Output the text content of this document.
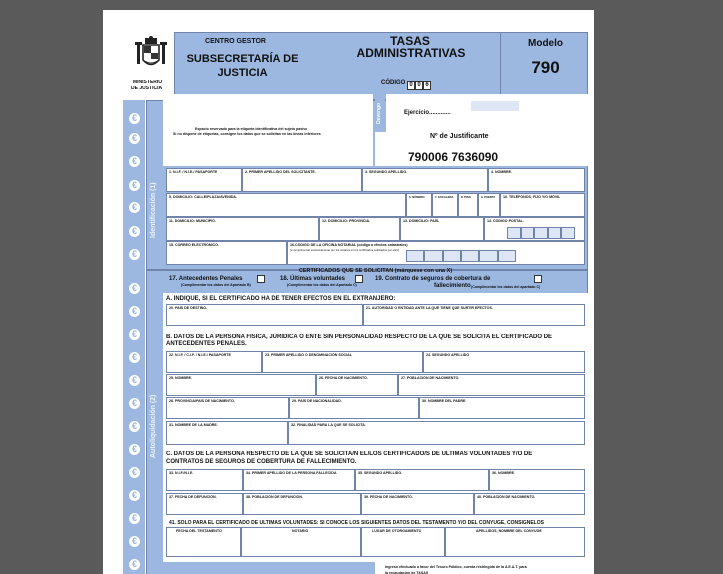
MINISTERIO
DE JUSTICIA
CENTRO GESTOR
SUBSECRETARÍA DE JUSTICIA
TASAS
ADMINISTRATIVAS
CÓDIGO 0 0 6
Modelo
790
€
€
€
€
€
€
€
€
€
€
€
€
€
€
€
€
€
€
€
€
Identificación (1)
Espacio reservado para la etiqueta identificativa del sujeto pasivo
Si no dispone de etiquetas, consigne los datos que se solicitan en las líneas inferiores
Devengo	Ejercicio.............
Nº de Justificante
790006 7636090
1. N.I.F. / N.I.E./ PASAPORTE	2. PRIMER APELLIDO DEL SOLICITANTE.	3. SEGUNDO APELLIDO.	4. NOMBRE.
5. DOMICILIO: CALLE/PLAZA/AVENIDA.	6. NÚMERO	7. ESCALERA	8. PISO	9. PUERTA 10. TELÉFONOS, FIJO Y/O MÓVIL
11. DOMICILIO: MUNICIPIO.	12. DOMICILIO: PROVINCIA.	13. DOMICILIO: PAÍS.	14. CÓDIGO POSTAL.
15. CORREO ELECTRÓNICO.	16.CÓDIGO DE LA OFICINA NOTARIAL (código a efectos catastrales)
(a cumplimentar exclusivamente por los notarios en los certificados solicitados por ellos)
Autoliquidación (2)
CERTIFICADOS QUE SE SOLICITAN (márquese con una X)
17. Antecedentes Penales
(Cumplimentar los datos del Apartado B)
18. Últimas voluntades
(Cumplimentar los datos del Apartado C)
19. Contrato de seguros de cobertura de
fallecimiento (Cumplimentar los datos del apartado C)
A. INDIQUE, SI EL CERTIFICADO HA DE TENER EFECTOS EN EL EXTRANJERO:
20. PAÍS DE DESTINO.	21. AUTORIDAD O ENTIDAD ANTE LA QUE TIENE QUE SURTIR EFECTOS.
B. DATOS DE LA PERSONA FÍSICA, JURÍDICA O ENTE SIN PERSONALIDAD RESPECTO DE LA QUE SE SOLICITA EL CERTIFICADO DE
ANTECEDENTES PENALES.
22. N.I.F. / C.I.F. / N.I.E./ PASAPORTE	23. PRIMER APELLIDO O DENOMINACIÓN SOCIAL	24. SEGUNDO APELLIDO
25. NOMBRE.	26. FECHA DE NACIMIENTO.	27. POBLACIÓN DE NACIMIENTO.
28. PROVINCIA/PAÍS DE NACIMIENTO.	29. PAÍS DE NACIONALIDAD.	30. NOMBRE DEL PADRE.
31. NOMBRE DE LA MADRE.	32. FINALIDAD PARA LA QUE SE SOLICITA.
C. DATOS DE LA PERSONA RESPECTO DE LA QUE SE SOLICITA/N EL/LOS CERTIFICADO/S DE ÚLTIMAS VOLUNTADES Y/O DE
CONTRATOS DE SEGUROS DE COBERTURA DE FALLECIMIENTO.
33. N.I.F./N.I.E.	34. PRIMER APELLIDO DE LA PERSONA FALLECIDA.	35. SEGUNDO APELLIDO.	36. NOMBRE.
37. FECHA DE DEFUNCIÓN.	38. POBLACIÓN DE DEFUNCIÓN.	39. FECHA DE NACIMIENTO.	40. POBLACIÓN DE NACIMIENTO.
41. SÓLO PARA EL CERTIFICADO DE ÚLTIMAS VOLUNTADES: SI CONOCE LOS SIGUIENTES DATOS DEL TESTAMENTO Y/O DEL CÓNYUGE, CONSÍGNELOS
FECHA DEL TESTAMENTO	NOTARIO	LUGAR DE OTORGAMIENTO	APELLIDOS, NOMBRE DEL CÓNYUGE
Ingreso efectuado a favor del Tesoro Público, cuenta restringida de la A.E.A.T. para
la recaudación de TASAS
